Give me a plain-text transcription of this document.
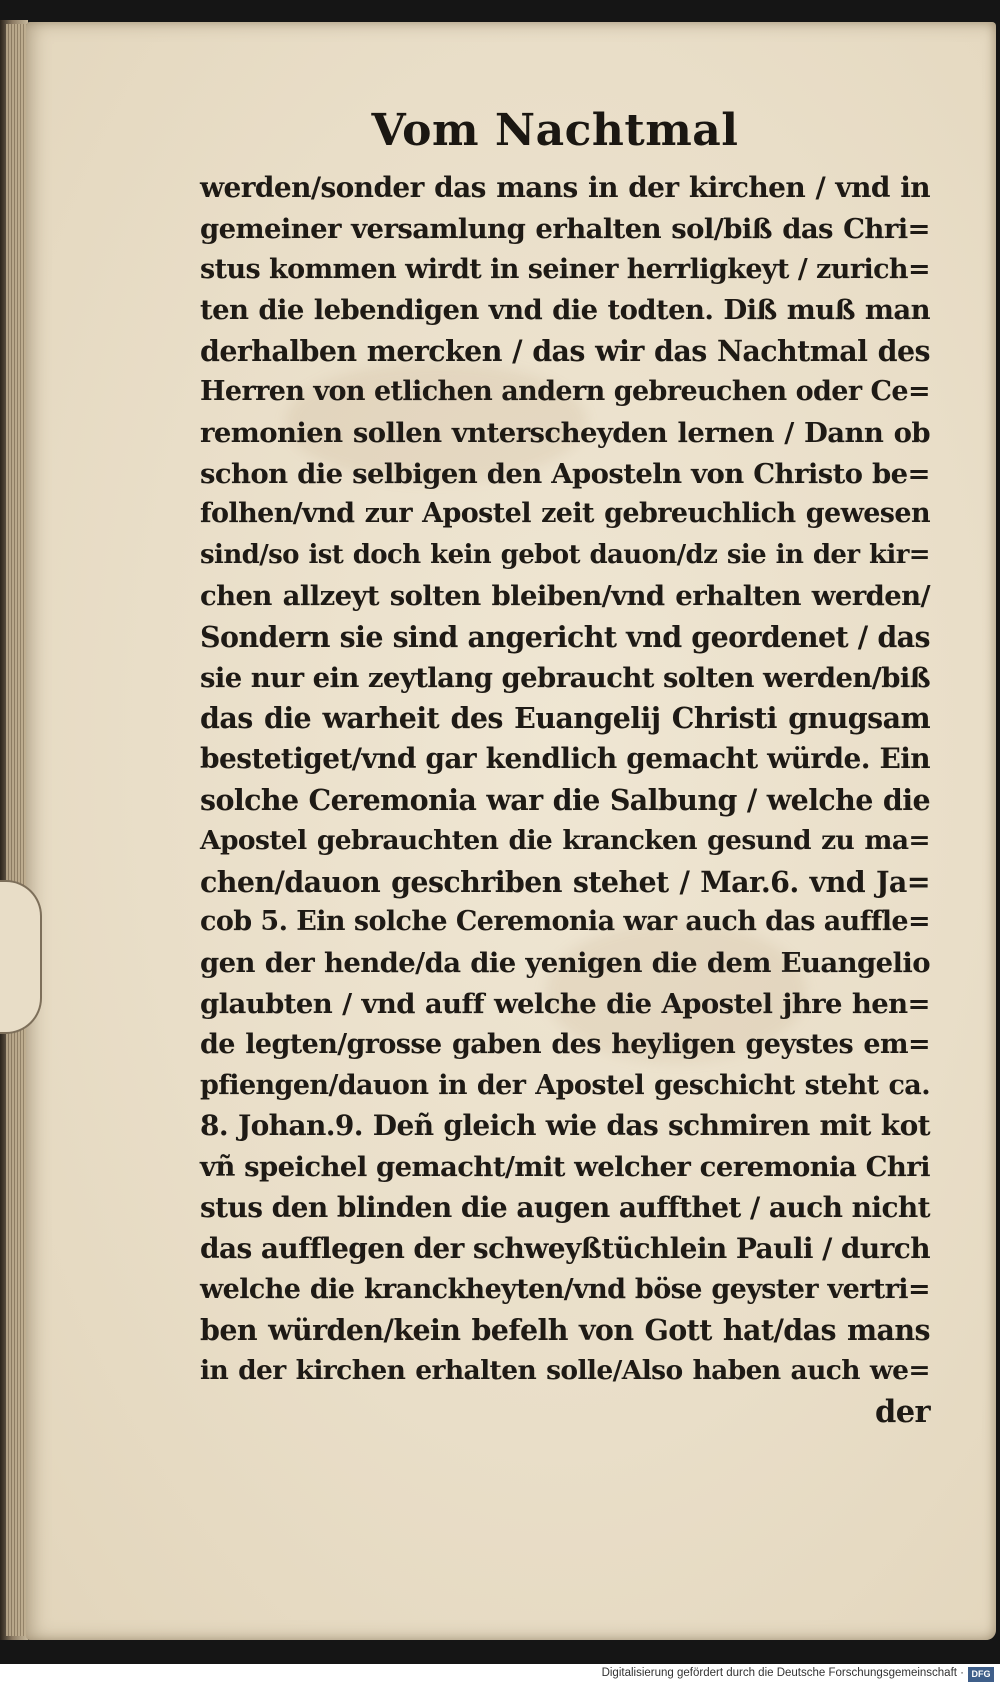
Vom Nachtmal
werden/sonder das mans in der kirchen / vnd in
gemeiner versamlung erhalten sol/biß das Chri=
stus kommen wirdt in seiner herrligkeyt / zurich=
ten die lebendigen vnd die todten. Diß muß man
derhalben mercken / das wir das Nachtmal des
Herren von etlichen andern gebreuchen oder Ce=
remonien sollen vnterscheyden lernen / Dann ob
schon die selbigen den Aposteln von Christo be=
folhen/vnd zur Apostel zeit gebreuchlich gewesen
sind/so ist doch kein gebot dauon/dz sie in der kir=
chen allzeyt solten bleiben/vnd erhalten werden/
Sondern sie sind angericht vnd geordenet / das
sie nur ein zeytlang gebraucht solten werden/biß
das die warheit des Euangelij Christi gnugsam
bestetiget/vnd gar kendlich gemacht würde. Ein
solche Ceremonia war die Salbung / welche die
Apostel gebrauchten die krancken gesund zu ma=
chen/dauon geschriben stehet / Mar.6. vnd Ja=
cob 5. Ein solche Ceremonia war auch das auffle=
gen der hende/da die yenigen die dem Euangelio
glaubten / vnd auff welche die Apostel jhre hen=
de legten/grosse gaben des heyligen geystes em=
pfiengen/dauon in der Apostel geschicht steht ca.
8. Johan.9. Deñ gleich wie das schmiren mit kot
vñ speichel gemacht/mit welcher ceremonia Chri
stus den blinden die augen auffthet / auch nicht
das aufflegen der schweyßtüchlein Pauli / durch
welche die kranckheyten/vnd böse geyster vertri=
ben würden/kein befelh von Gott hat/das mans
in der kirchen erhalten solle/Also haben auch we=
der
Digitalisierung gefördert durch die Deutsche Forschungsgemeinschaft · DFG
